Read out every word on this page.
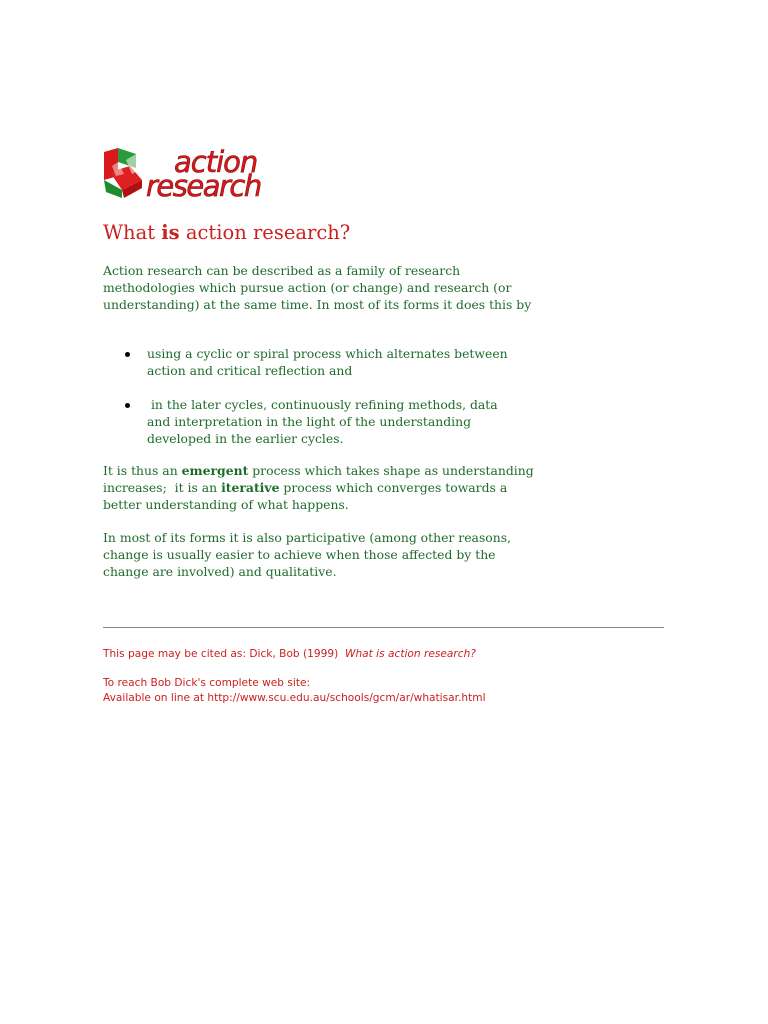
action
research
What is action research?

Action research can be described as a family of research methodologies which pursue action (or change) and research (or understanding) at the same time. In most of its forms it does this by

using a cyclic or spiral process which alternates between action and critical reflection and
in the later cycles, continuously refining methods, data and interpretation in the light of the understanding developed in the earlier cycles.

It is thus an emergent process which takes shape as understanding increases;  it is an iterative process which converges towards a better understanding of what happens.

In most of its forms it is also participative (among other reasons, change is usually easier to achieve when those affected by the change are involved) and qualitative.

This page may be cited as: Dick, Bob (1999)  What is action research?

To reach Bob Dick's complete web site:

Available on line at http://www.scu.edu.au/schools/gcm/ar/whatisar.html
